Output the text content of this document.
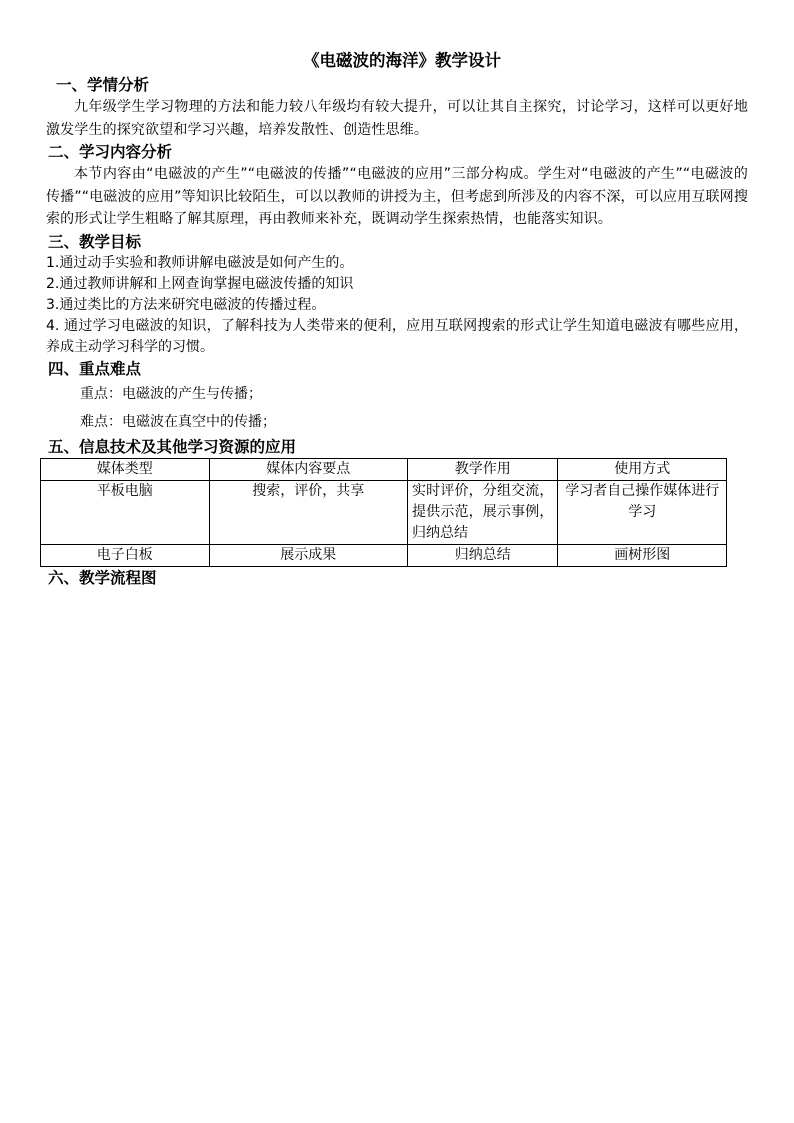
《电磁波的海洋》教学设计
一、学情分析

九年级学生学习物理的方法和能力较八年级均有较大提升，可以让其自主探究，讨论学习，这样可以更好地激发学生的探究欲望和学习兴趣，培养发散性、创造性思维。

二、学习内容分析

本节内容由“电磁波的产生”“电磁波的传播”“电磁波的应用”三部分构成。学生对“电磁波的产生”“电磁波的传播”“电磁波的应用”等知识比较陌生，可以以教师的讲授为主，但考虑到所涉及的内容不深，可以应用互联网搜索的形式让学生粗略了解其原理，再由教师来补充，既调动学生探索热情，也能落实知识。

三、教学目标

1.通过动手实验和教师讲解电磁波是如何产生的。

2.通过教师讲解和上网查询掌握电磁波传播的知识

3.通过类比的方法来研究电磁波的传播过程。

4. 通过学习电磁波的知识，了解科技为人类带来的便利，应用互联网搜索的形式让学生知道电磁波有哪些应用，养成主动学习科学的习惯。

四、重点难点

重点：电磁波的产生与传播；

难点：电磁波在真空中的传播；

五、信息技术及其他学习资源的应用
媒体类型	媒体内容要点	教学作用	使用方式
平板电脑	搜索，评价，共享	实时评价，分组交流，提供示范，展示事例，归纳总结	学习者自己操作媒体进行学习
电子白板	展示成果	归纳总结	画树形图
六、教学流程图
